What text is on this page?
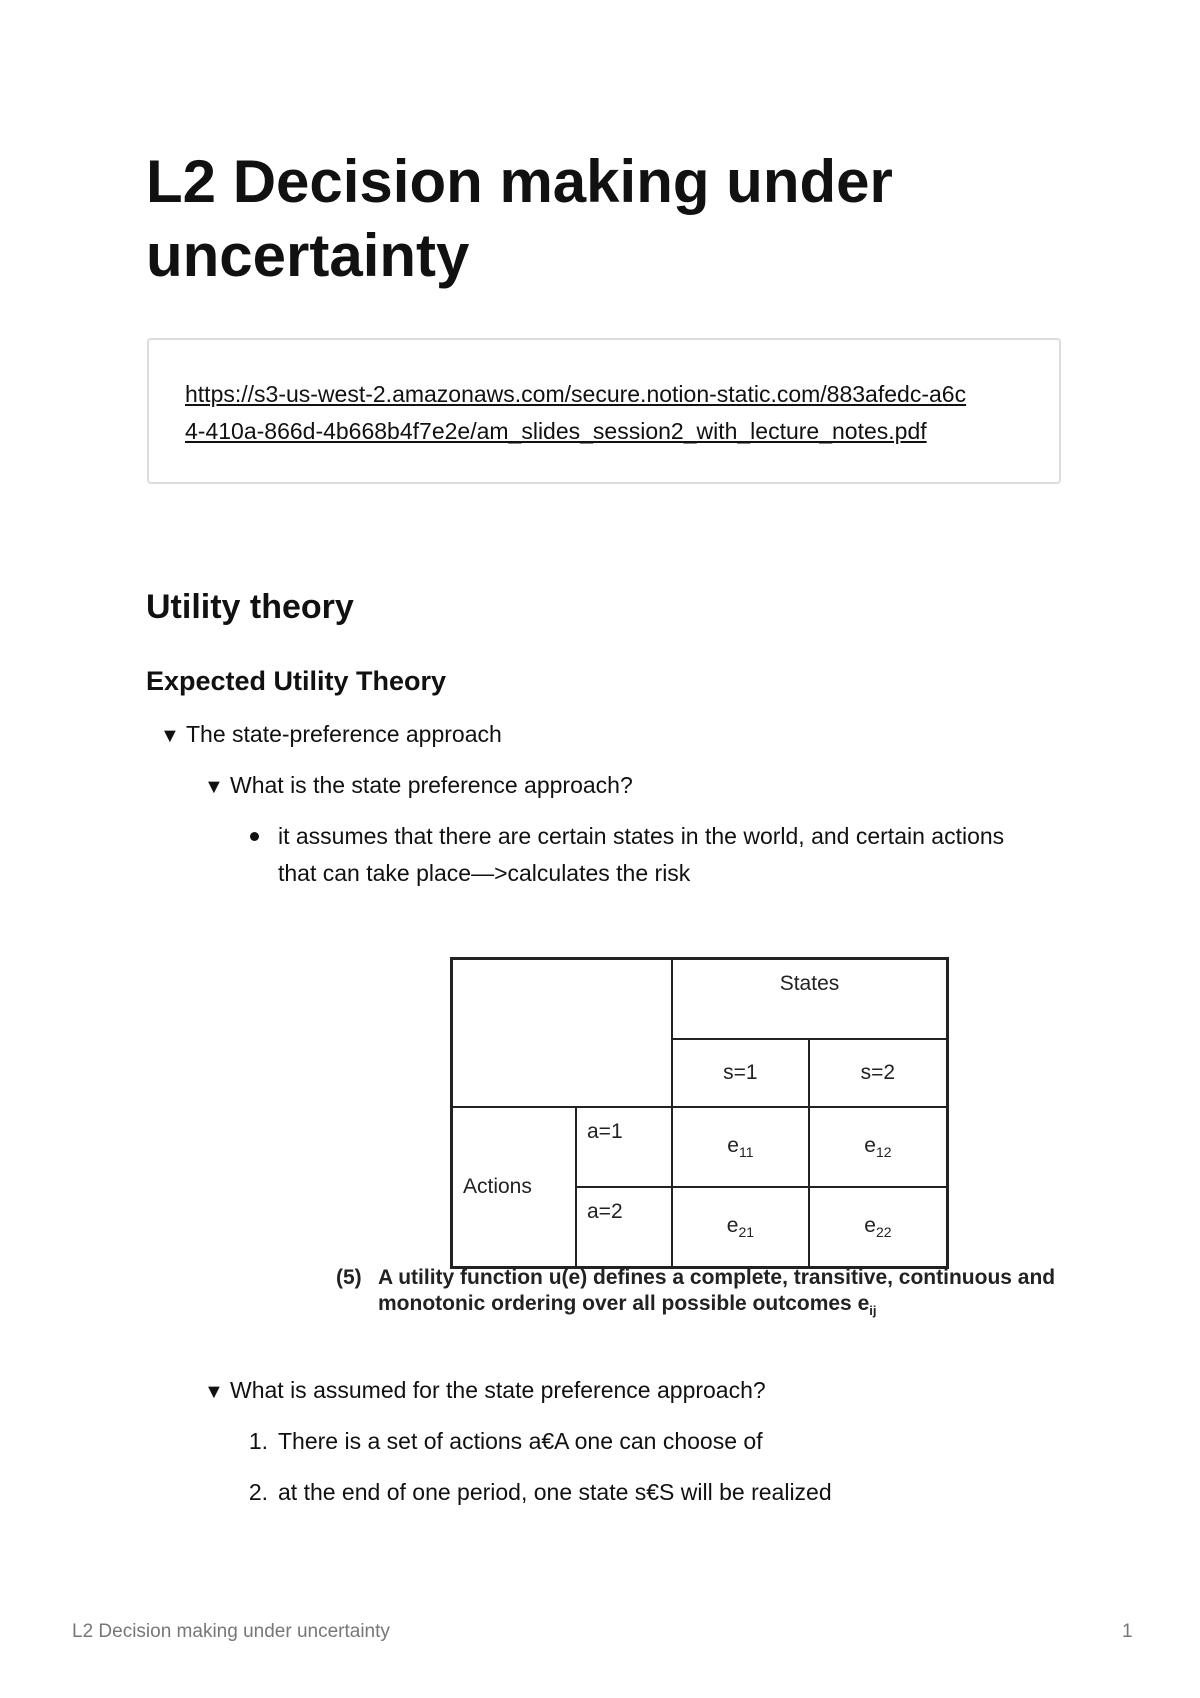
L2 Decision making under
uncertainty
https://s3-us-west-2.amazonaws.com/secure.notion-static.com/883afedc-a6c
4-410a-866d-4b668b4f7e2e/am_slides_session2_with_lecture_notes.pdf
Utility theory
Expected Utility Theory
▼ The state-preference approach
▼ What is the state preference approach?
it assumes that there are certain states in the world, and certain actions
that can take place—>calculates the risk
		States	
		s=1	s=2
Actions	a=1	$e_{11}$	$e_{12}$
	a=2	$e_{21}$	$e_{22}$
(5) A utility function u(e) defines a complete, transitive, continuous and
monotonic ordering over all possible outcomes $e_{ij}$
▼ What is assumed for the state preference approach?
1. There is a set of actions a€A one can choose of
2. at the end of one period, one state s€S will be realized
L2 Decision making under uncertainty	1
